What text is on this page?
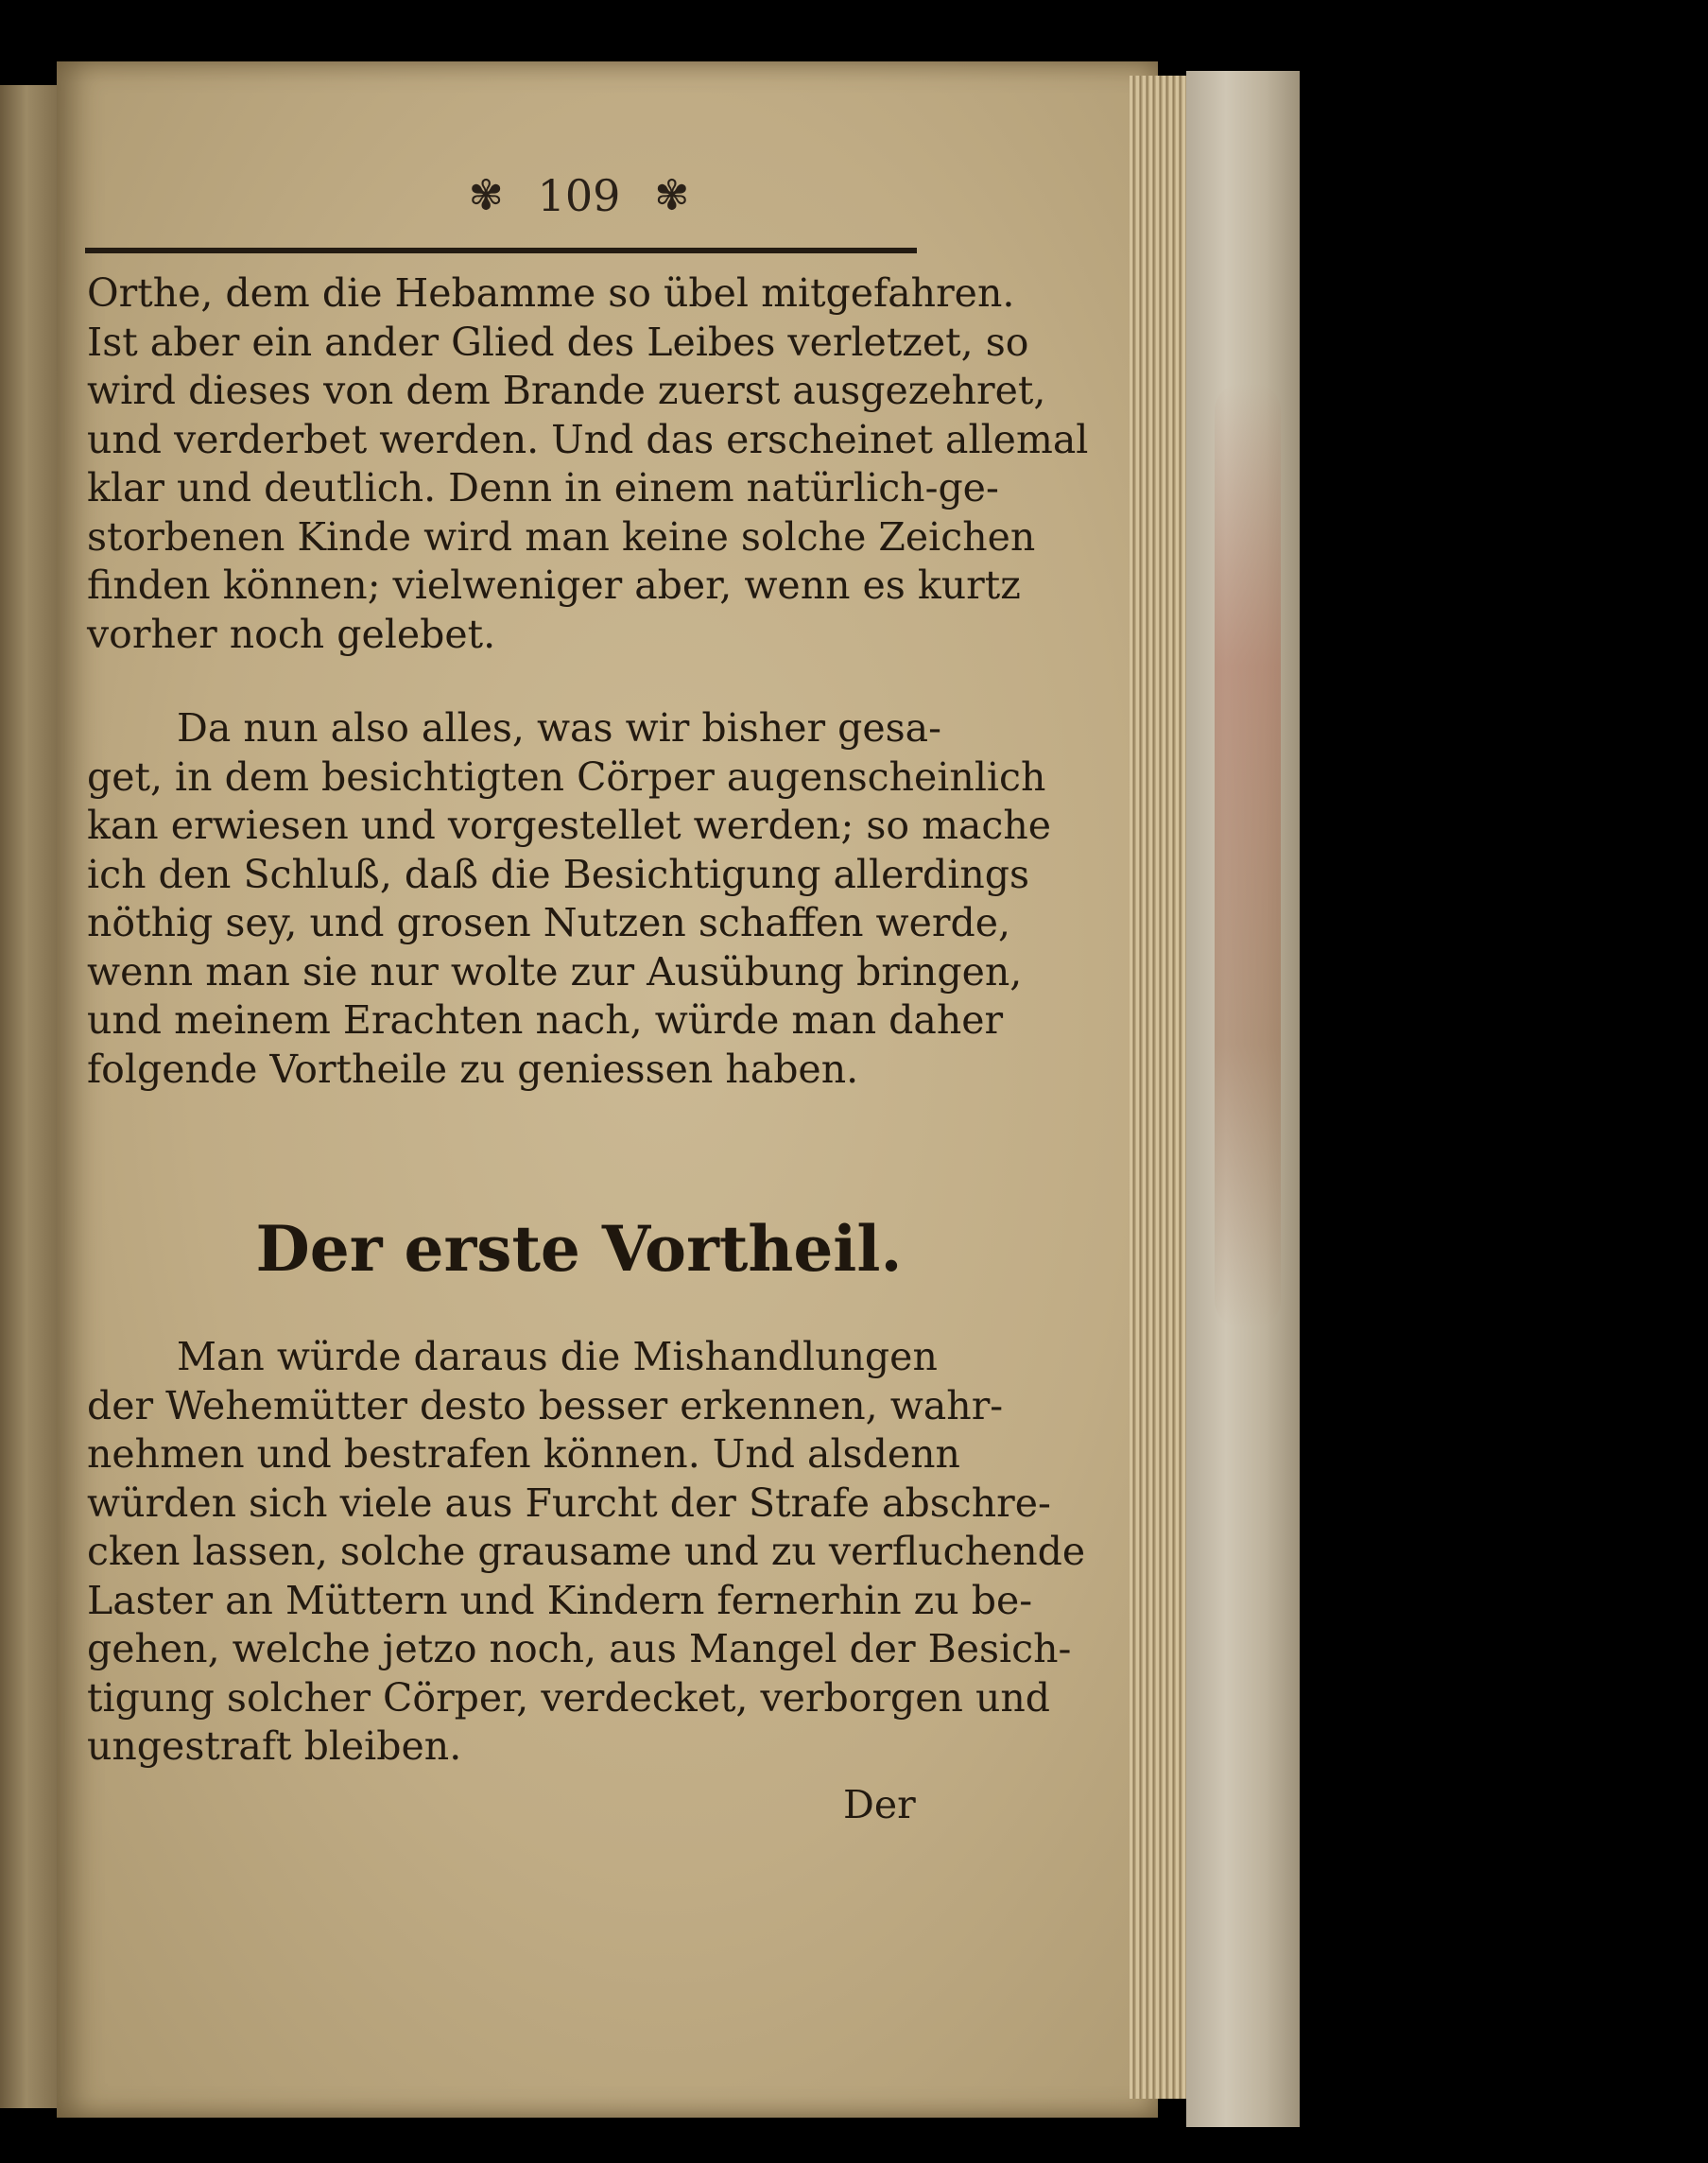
✾ 109 ✾
Orthe, dem die Hebamme so übel mitgefahren.
Ist aber ein ander Glied des Leibes verletzet, so
wird dieses von dem Brande zuerst ausgezehret,
und verderbet werden. Und das erscheinet allemal
klar und deutlich. Denn in einem natürlich-ge-
storbenen Kinde wird man keine solche Zeichen
finden können; vielweniger aber, wenn es kurtz
vorher noch gelebet.
Da nun also alles, was wir bisher gesa-
get, in dem besichtigten Cörper augenscheinlich
kan erwiesen und vorgestellet werden; so mache
ich den Schluß, daß die Besichtigung allerdings
nöthig sey, und grosen Nutzen schaffen werde,
wenn man sie nur wolte zur Ausübung bringen,
und meinem Erachten nach, würde man daher
folgende Vortheile zu geniessen haben.
Der erste Vortheil.
Man würde daraus die Mishandlungen
der Wehemütter desto besser erkennen, wahr-
nehmen und bestrafen können. Und alsdenn
würden sich viele aus Furcht der Strafe abschre-
cken lassen, solche grausame und zu verfluchende
Laster an Müttern und Kindern fernerhin zu be-
gehen, welche jetzo noch, aus Mangel der Besich-
tigung solcher Cörper, verdecket, verborgen und
ungestraft bleiben.
Der
